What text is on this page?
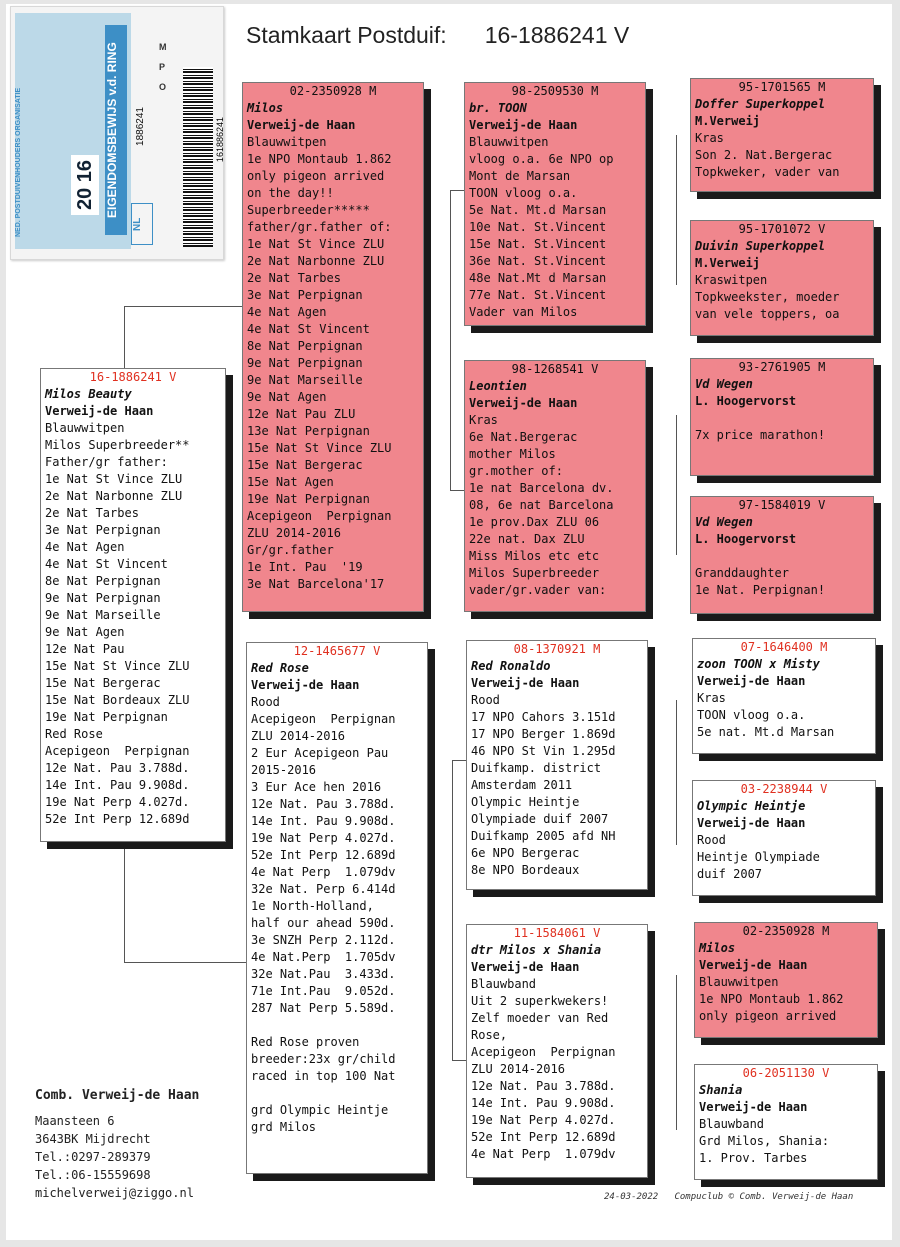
Stamkaart Postduif: 16-1886241 V
NED. POSTDUIVENHOUDERS ORGANISATIE	20 16 EIGENDOMSBEWIJS v.d. RING	1886241
NL
M
P
O
161886241
16-1886241 V
Milos Beauty
Verweij-de Haan
Blauwwitpen
Milos Superbreeder**
Father/gr father:
1e Nat St Vince ZLU
2e Nat Narbonne ZLU
2e Nat Tarbes
3e Nat Perpignan
4e Nat Agen
4e Nat St Vincent
8e Nat Perpignan
9e Nat Perpignan
9e Nat Marseille
9e Nat Agen
12e Nat Pau
15e Nat St Vince ZLU
15e Nat Bergerac
15e Nat Bordeaux ZLU
19e Nat Perpignan
Red Rose
Acepigeon  Perpignan
12e Nat. Pau 3.788d.
14e Int. Pau 9.908d.
19e Nat Perp 4.027d.
52e Int Perp 12.689d
02-2350928 M
Milos
Verweij-de Haan
Blauwwitpen
1e NPO Montaub 1.862
only pigeon arrived
on the day!!
Superbreeder*****
father/gr.father of:
1e Nat St Vince ZLU
2e Nat Narbonne ZLU
2e Nat Tarbes
3e Nat Perpignan
4e Nat Agen
4e Nat St Vincent
8e Nat Perpignan
9e Nat Perpignan
9e Nat Marseille
9e Nat Agen
12e Nat Pau ZLU
13e Nat Perpignan
15e Nat St Vince ZLU
15e Nat Bergerac
15e Nat Agen
19e Nat Perpignan
Acepigeon  Perpignan
ZLU 2014-2016
Gr/gr.father
1e Int. Pau  '19
3e Nat Barcelona'17
12-1465677 V
Red Rose
Verweij-de Haan
Rood
Acepigeon  Perpignan
ZLU 2014-2016
2 Eur Acepigeon Pau
2015-2016
3 Eur Ace hen 2016
12e Nat. Pau 3.788d.
14e Int. Pau 9.908d.
19e Nat Perp 4.027d.
52e Int Perp 12.689d
4e Nat Perp  1.079dv
32e Nat. Perp 6.414d
1e North-Holland,
half our ahead 590d.
3e SNZH Perp 2.112d.
4e Nat.Perp  1.705dv
32e Nat.Pau  3.433d.
71e Int.Pau  9.052d.
287 Nat Perp 5.589d.

Red Rose proven
breeder:23x gr/child
raced in top 100 Nat

grd Olympic Heintje
grd Milos
98-2509530 M
br. TOON
Verweij-de Haan
Blauwwitpen
vloog o.a. 6e NPO op
Mont de Marsan
TOON vloog o.a.
5e Nat. Mt.d Marsan
10e Nat. St.Vincent
15e Nat. St.Vincent
36e Nat. St.Vincent
48e Nat.Mt d Marsan
77e Nat. St.Vincent
Vader van Milos
98-1268541 V
Leontien
Verweij-de Haan
Kras
6e Nat.Bergerac
mother Milos
gr.mother of:
1e nat Barcelona dv.
08, 6e nat Barcelona
1e prov.Dax ZLU 06
22e nat. Dax ZLU
Miss Milos etc etc
Milos Superbreeder
vader/gr.vader van:
08-1370921 M
Red Ronaldo
Verweij-de Haan
Rood
17 NPO Cahors 3.151d
17 NPO Berger 1.869d
46 NPO St Vin 1.295d
Duifkamp. district
Amsterdam 2011
Olympic Heintje
Olympiade duif 2007
Duifkamp 2005 afd NH
6e NPO Bergerac
8e NPO Bordeaux
11-1584061 V
dtr Milos x Shania
Verweij-de Haan
Blauwband
Uit 2 superkwekers!
Zelf moeder van Red
Rose,
Acepigeon  Perpignan
ZLU 2014-2016
12e Nat. Pau 3.788d.
14e Int. Pau 9.908d.
19e Nat Perp 4.027d.
52e Int Perp 12.689d
4e Nat Perp  1.079dv
95-1701565 M
Doffer Superkoppel
M.Verweij
Kras
Son 2. Nat.Bergerac
Topkweker, vader van
95-1701072 V
Duivin Superkoppel
M.Verweij
Kraswitpen
Topkweekster, moeder
van vele toppers, oa
93-2761905 M
Vd Wegen
L. Hoogervorst

7x price marathon!
97-1584019 V
Vd Wegen
L. Hoogervorst

Granddaughter
1e Nat. Perpignan!
07-1646400 M
zoon TOON x Misty
Verweij-de Haan
Kras
TOON vloog o.a.
5e nat. Mt.d Marsan
03-2238944 V
Olympic Heintje
Verweij-de Haan
Rood
Heintje Olympiade
duif 2007
02-2350928 M
Milos
Verweij-de Haan
Blauwwitpen
1e NPO Montaub 1.862
only pigeon arrived
06-2051130 V
Shania
Verweij-de Haan
Blauwband
Grd Milos, Shania:
1. Prov. Tarbes
Comb. Verweij-de Haan
Maansteen 6
3643BK Mijdrecht
Tel.:0297-289379
Tel.:06-15559698
michelverweij@ziggo.nl	24-03-2022 Compuclub © Comb. Verweij-de Haan
